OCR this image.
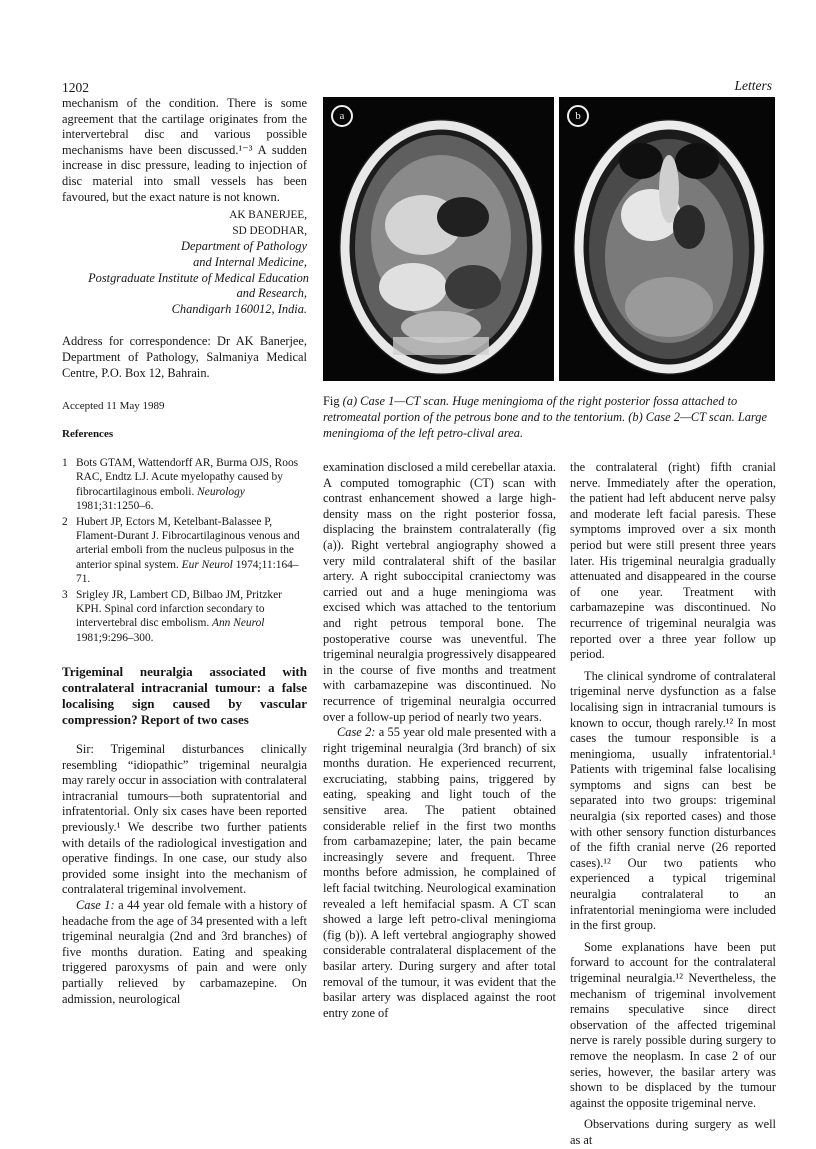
1202	Letters

mechanism of the condition. There is some agreement that the cartilage originates from the intervertebral disc and various possible mechanisms have been discussed.¹⁻³ A sudden increase in disc pressure, leading to injection of disc material into small vessels has been favoured, but the exact nature is not known.

AK BANERJEE,
SD DEODHAR,
Department of Pathology
and Internal Medicine,
Postgraduate Institute of Medical Education
and Research,
Chandigarh 160012, India.

Address for correspondence: Dr AK Banerjee, Department of Pathology, Salmaniya Medical Centre, P.O. Box 12, Bahrain.

Accepted 11 May 1989

References

1 Bots GTAM, Wattendorff AR, Burma OJS, Roos RAC, Endtz LJ. Acute myelopathy caused by fibrocartilaginous emboli. Neurology 1981;31:1250–6.
2 Hubert JP, Ectors M, Ketelbant-Balassee P, Flament-Durant J. Fibrocartilaginous venous and arterial emboli from the nucleus pulposus in the anterior spinal system. Eur Neurol 1974;11:164–71.
3 Srigley JR, Lambert CD, Bilbao JM, Pritzker KPH. Spinal cord infarction secondary to intervertebral disc embolism. Ann Neurol 1981;9:296–300.

Trigeminal neuralgia associated with contralateral intracranial tumour: a false localising sign caused by vascular compression? Report of two cases

Sir: Trigeminal disturbances clinically resembling “idiopathic” trigeminal neuralgia may rarely occur in association with contralateral intracranial tumours—both supratentorial and infratentorial. Only six cases have been reported previously.¹ We describe two further patients with details of the radiological investigation and operative findings. In one case, our study also provided some insight into the mechanism of contralateral trigeminal involvement.

Case 1: a 44 year old female with a history of headache from the age of 34 presented with a left trigeminal neuralgia (2nd and 3rd branches) of five months duration. Eating and speaking triggered paroxysms of pain and were only partially relieved by carbamazepine. On admission, neurological

a	b
Fig (a) Case 1—CT scan. Huge meningioma of the right posterior fossa attached to retromeatal portion of the petrous bone and to the tentorium. (b) Case 2—CT scan. Large meningioma of the left petro-clival area.

examination disclosed a mild cerebellar ataxia. A computed tomographic (CT) scan with contrast enhancement showed a large high-density mass on the right posterior fossa, displacing the brainstem contralaterally (fig (a)). Right vertebral angiography showed a very mild contralateral shift of the basilar artery. A right suboccipital craniectomy was carried out and a huge meningioma was excised which was attached to the tentorium and right petrous temporal bone. The postoperative course was uneventful. The trigeminal neuralgia progressively disappeared in the course of five months and treatment with carbamazepine was discontinued. No recurrence of trigeminal neuralgia occurred over a follow-up period of nearly two years.

Case 2: a 55 year old male presented with a right trigeminal neuralgia (3rd branch) of six months duration. He experienced recurrent, excruciating, stabbing pains, triggered by eating, speaking and light touch of the sensitive area. The patient obtained considerable relief in the first two months from carbamazepine; later, the pain became increasingly severe and frequent. Three months before admission, he complained of left facial twitching. Neurological examination revealed a left hemifacial spasm. A CT scan showed a large left petro-clival meningioma (fig (b)). A left vertebral angiography showed considerable contralateral displacement of the basilar artery. During surgery and after total removal of the tumour, it was evident that the basilar artery was displaced against the root entry zone of

the contralateral (right) fifth cranial nerve. Immediately after the operation, the patient had left abducent nerve palsy and moderate left facial paresis. These symptoms improved over a six month period but were still present three years later. His trigeminal neuralgia gradually attenuated and disappeared in the course of one year. Treatment with carbamazepine was discontinued. No recurrence of trigeminal neuralgia was reported over a three year follow up period.

The clinical syndrome of contralateral trigeminal nerve dysfunction as a false localising sign in intracranial tumours is known to occur, though rarely.¹² In most cases the tumour responsible is a meningioma, usually infratentorial.¹ Patients with trigeminal false localising symptoms and signs can best be separated into two groups: trigeminal neuralgia (six reported cases) and those with other sensory function disturbances of the fifth cranial nerve (26 reported cases).¹² Our two patients who experienced a typical trigeminal neuralgia contralateral to an infratentorial meningioma were included in the first group.

Some explanations have been put forward to account for the contralateral trigeminal neuralgia.¹² Nevertheless, the mechanism of trigeminal involvement remains speculative since direct observation of the affected trigeminal nerve is rarely possible during surgery to remove the neoplasm. In case 2 of our series, however, the basilar artery was shown to be displaced by the tumour against the opposite trigeminal nerve.

Observations during surgery as well as at
